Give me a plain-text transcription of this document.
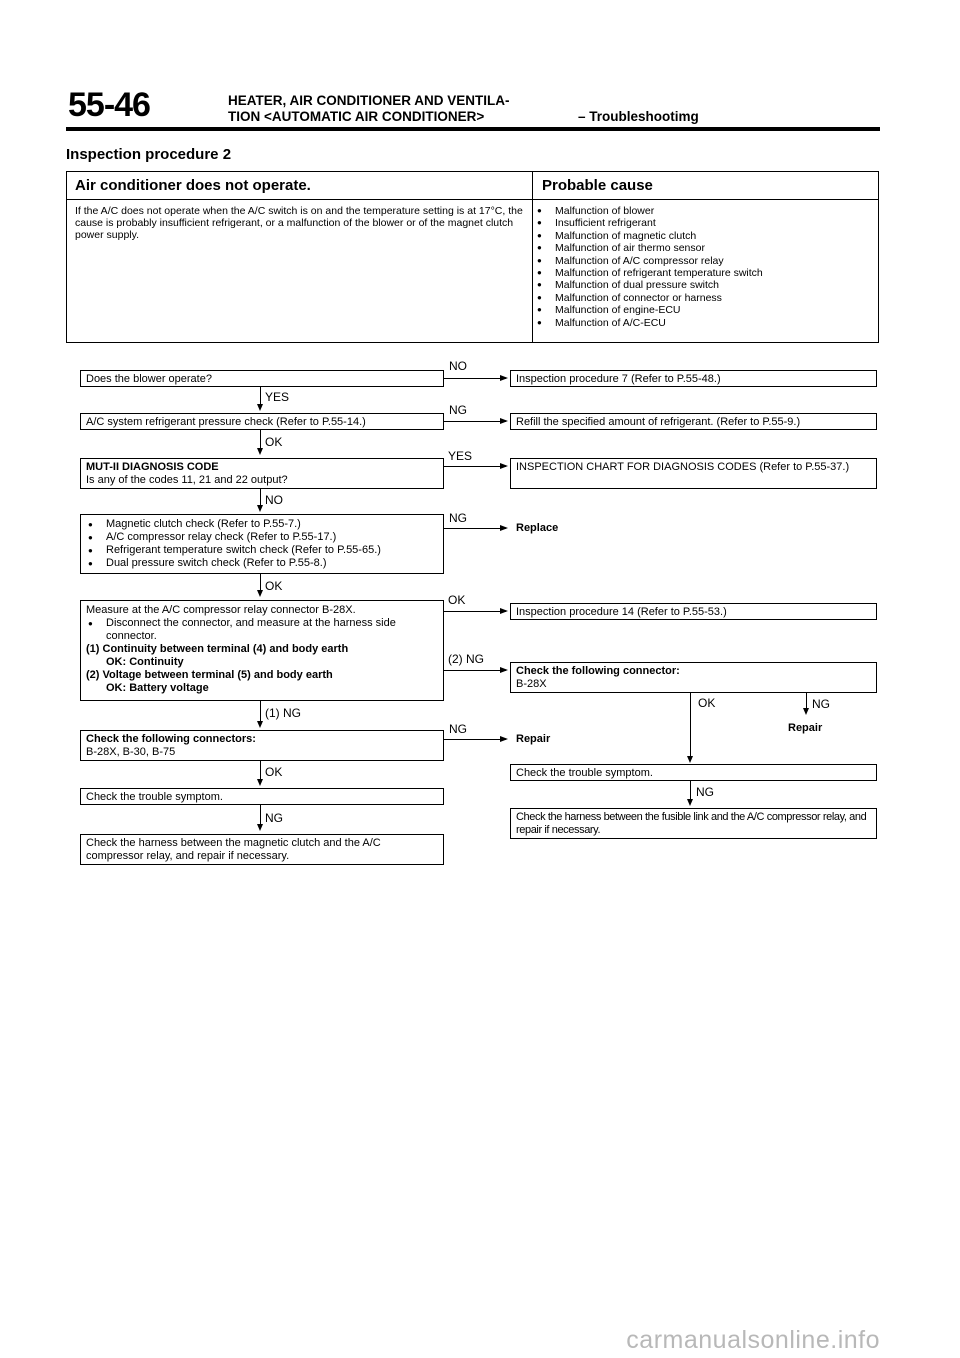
55-46	HEATER, AIR CONDITIONER AND VENTILA-
TION <AUTOMATIC AIR CONDITIONER>	– Troubleshootimg
Inspection procedure 2
Air conditioner does not operate.	Probable cause
If the A/C does not operate when the A/C switch is on and the temperature setting is at 17°C, the cause is probably insufficient refrigerant, or a malfunction of the blower or of the magnet clutch power supply.
● Malfunction of blower
● Insufficient refrigerant
● Malfunction of magnetic clutch
● Malfunction of air thermo sensor
● Malfunction of A/C compressor relay
● Malfunction of refrigerant temperature switch
● Malfunction of dual pressure switch
● Malfunction of connector or harness
● Malfunction of engine-ECU
● Malfunction of A/C-ECU
Does the blower operate?
NO
Inspection procedure 7 (Refer to P.55-48.)
YES
A/C system refrigerant pressure check (Refer to P.55-14.)
NG
Refill the specified amount of refrigerant. (Refer to P.55-9.)
OK
MUT-II DIAGNOSIS CODE
Is any of the codes 11, 21 and 22 output?
YES
INSPECTION CHART FOR DIAGNOSIS CODES (Refer to P.55-37.)
NO
● Magnetic clutch check (Refer to P.55-7.)
● A/C compressor relay check (Refer to P.55-17.)
● Refrigerant temperature switch check (Refer to P.55-65.)
● Dual pressure switch check (Refer to P.55-8.)
NG
Replace
OK
Measure at the A/C compressor relay connector B-28X.
● Disconnect the connector, and measure at the harness side connector.
(1) Continuity between terminal (4) and body earth
OK: Continuity
(2) Voltage between terminal (5) and body earth
OK: Battery voltage
OK
Inspection procedure 14 (Refer to P.55-53.)
(2) NG
Check the following connector:
B-28X
(1) NG
OK	NG
Repair
Check the following connectors:
B-28X, B-30, B-75
NG
Repair
OK	Check the trouble symptom.
NG
Check the harness between the fusible link and the A/C compressor relay, and repair if necessary.
Check the trouble symptom.
NG
Check the harness between the magnetic clutch and the A/C compressor relay, and repair if necessary.
carmanualsonline.info
